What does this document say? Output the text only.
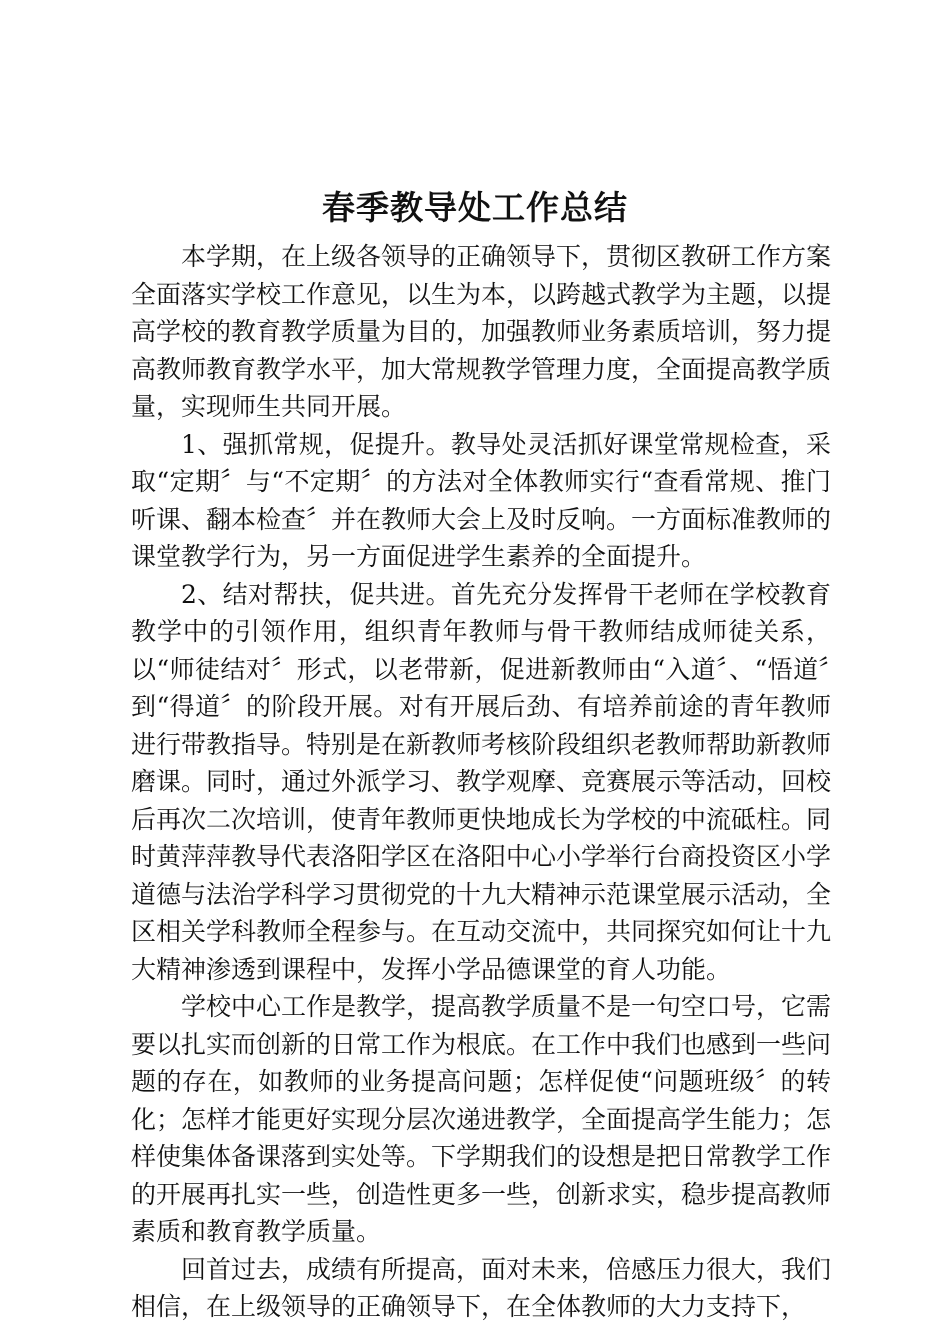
春季教导处工作总结

本学期，在上级各领导的正确领导下，贯彻区教研工作方案全面落实学校工作意见，以生为本，以跨越式教学为主题，以提高学校的教育教学质量为目的，加强教师业务素质培训，努力提高教师教育教学水平，加大常规教学管理力度，全面提高教学质量，实现师生共同开展。

1、强抓常规，促提升。教导处灵活抓好课堂常规检查，采取“定期〞与“不定期〞的方法对全体教师实行“查看常规、推门听课、翻本检查〞并在教师大会上及时反响。一方面标准教师的课堂教学行为，另一方面促进学生素养的全面提升。

2、结对帮扶，促共进。首先充分发挥骨干老师在学校教育教学中的引领作用，组织青年教师与骨干教师结成师徒关系，以“师徒结对〞形式，以老带新，促进新教师由“入道〞、“悟道〞到“得道〞的阶段开展。对有开展后劲、有培养前途的青年教师进行带教指导。特别是在新教师考核阶段组织老教师帮助新教师磨课。同时，通过外派学习、教学观摩、竞赛展示等活动，回校后再次二次培训，使青年教师更快地成长为学校的中流砥柱。同时黄萍萍教导代表洛阳学区在洛阳中心小学举行台商投资区小学道德与法治学科学习贯彻党的十九大精神示范课堂展示活动，全区相关学科教师全程参与。在互动交流中，共同探究如何让十九大精神渗透到课程中，发挥小学品德课堂的育人功能。

学校中心工作是教学，提高教学质量不是一句空口号，它需要以扎实而创新的日常工作为根底。在工作中我们也感到一些问题的存在，如教师的业务提高问题；怎样促使“问题班级〞的转化；怎样才能更好实现分层次递进教学，全面提高学生能力；怎样使集体备课落到实处等。下学期我们的设想是把日常教学工作的开展再扎实一些，创造性更多一些，创新求实，稳步提高教师素质和教育教学质量。

回首过去，成绩有所提高，面对未来，倍感压力很大，我们相信，在上级领导的正确领导下，在全体教师的大力支持下，
